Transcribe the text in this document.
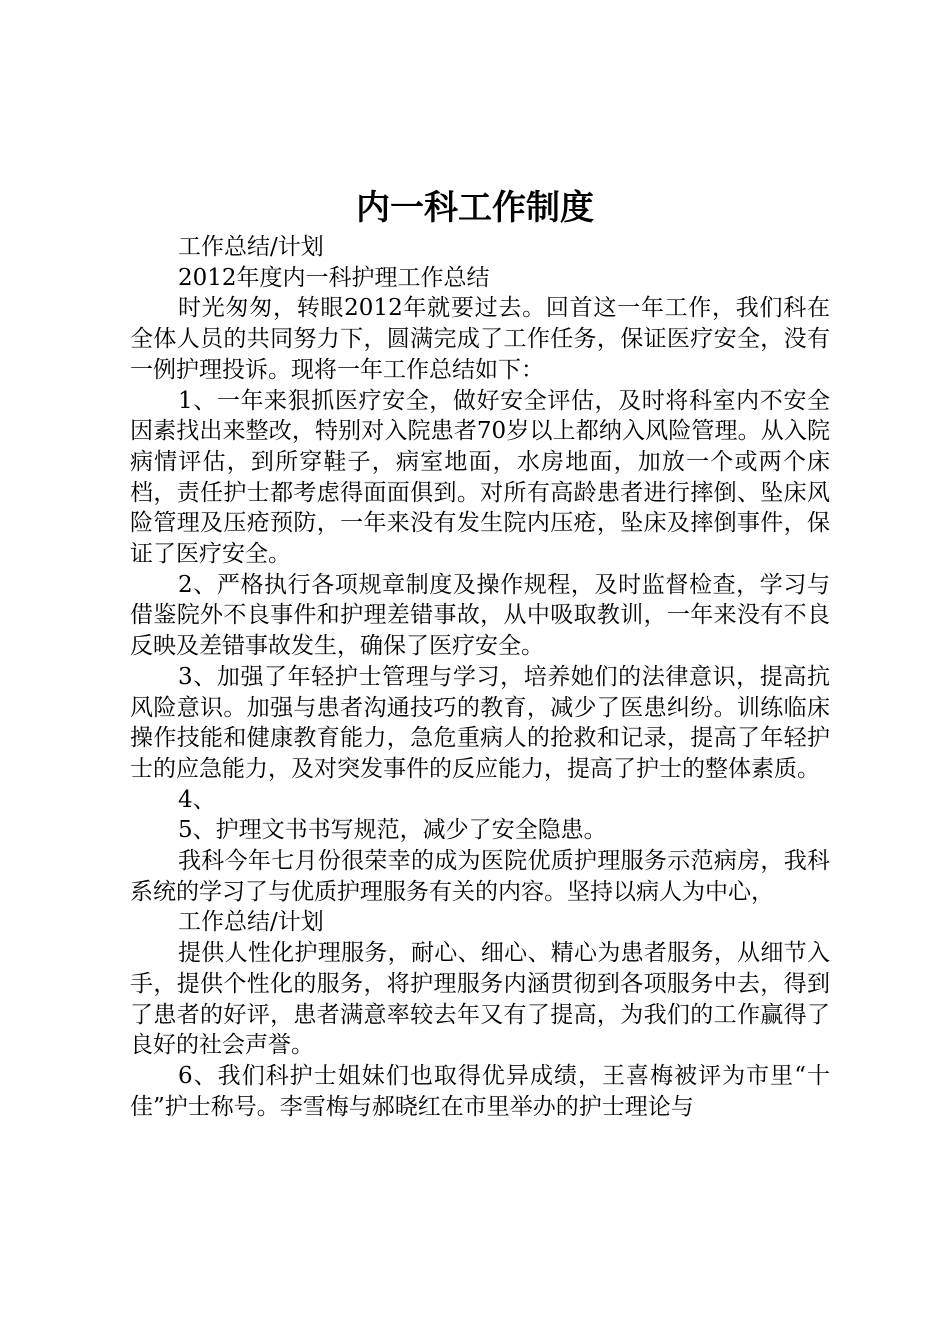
内一科工作制度

工作总结/计划

2012年度内一科护理工作总结

时光匆匆，转眼2012年就要过去。回首这一年工作，我们科在全体人员的共同努力下，圆满完成了工作任务，保证医疗安全，没有一例护理投诉。现将一年工作总结如下：

1、一年来狠抓医疗安全，做好安全评估，及时将科室内不安全因素找出来整改，特别对入院患者70岁以上都纳入风险管理。从入院病情评估，到所穿鞋子，病室地面，水房地面，加放一个或两个床档，责任护士都考虑得面面俱到。对所有高龄患者进行摔倒、坠床风险管理及压疮预防，一年来没有发生院内压疮，坠床及摔倒事件，保证了医疗安全。

2、严格执行各项规章制度及操作规程，及时监督检查，学习与借鉴院外不良事件和护理差错事故，从中吸取教训，一年来没有不良反映及差错事故发生，确保了医疗安全。

3、加强了年轻护士管理与学习，培养她们的法律意识，提高抗风险意识。加强与患者沟通技巧的教育，减少了医患纠纷。训练临床操作技能和健康教育能力，急危重病人的抢救和记录，提高了年轻护士的应急能力，及对突发事件的反应能力，提高了护士的整体素质。

4、

5、护理文书书写规范，减少了安全隐患。

我科今年七月份很荣幸的成为医院优质护理服务示范病房，我科系统的学习了与优质护理服务有关的内容。坚持以病人为中心，

工作总结/计划

提供人性化护理服务，耐心、细心、精心为患者服务，从细节入手，提供个性化的服务，将护理服务内涵贯彻到各项服务中去，得到了患者的好评，患者满意率较去年又有了提高，为我们的工作赢得了良好的社会声誉。

6、我们科护士姐妹们也取得优异成绩，王喜梅被评为市里“十佳”护士称号。李雪梅与郝晓红在市里举办的护士理论与
